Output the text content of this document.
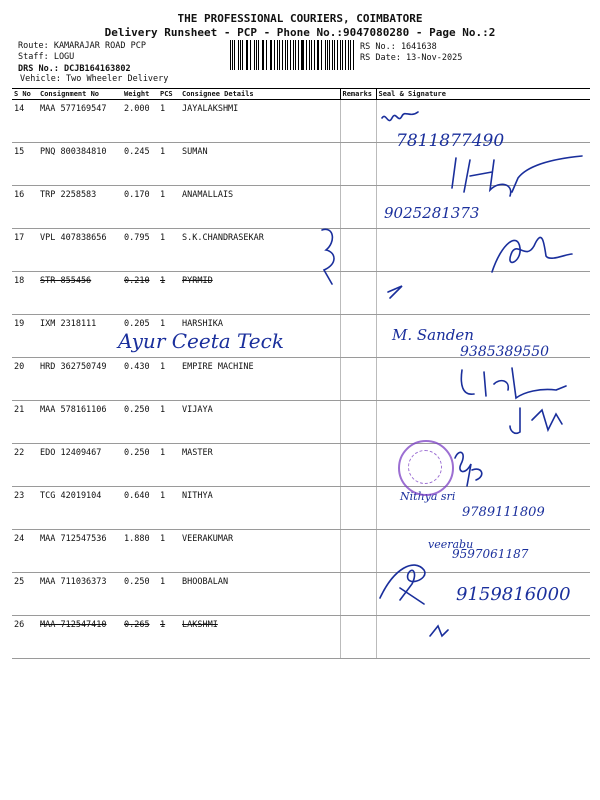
THE PROFESSIONAL COURIERS, COIMBATORE
Delivery Runsheet - PCP - Phone No.:9047080280 - Page No.:2
Route: KAMARAJAR ROAD PCP
Staff: LOGU
DRS No.: DCJB164163802
Vehicle: Two Wheeler Delivery
RS No.: 1641638
RS Date: 13-Nov-2025
S No	Consignment No	Weight	PCS	Consignee Details	Remarks	Seal & Signature
14	MAA 577169547	2.000	1	JAYALAKSHMI		
15	PNQ 800384810	0.245	1	SUMAN		
16	TRP 2258583	0.170	1	ANAMALLAIS		
17	VPL 407838656	0.795	1	S.K.CHANDRASEKAR		
18	STR 855456	0.210	1	PYRMID		
19	IXM 2318111	0.205	1	HARSHIKA		
20	HRD 362750749	0.430	1	EMPIRE MACHINE		
21	MAA 578161106	0.250	1	VIJAYA		
22	EDO 12409467	0.250	1	MASTER		
23	TCG 42019104	0.640	1	NITHYA		
24	MAA 712547536	1.880	1	VEERAKUMAR		
25	MAA 711036373	0.250	1	BHOOBALAN		
26	MAA 712547410	0.265	1	LAKSHMI		
7811877490
9025281373
Ayur Ceeta Teck	M. Sanden
9385389550
Nithya sri
9789111809
veerabu
9597061187
9159816000
